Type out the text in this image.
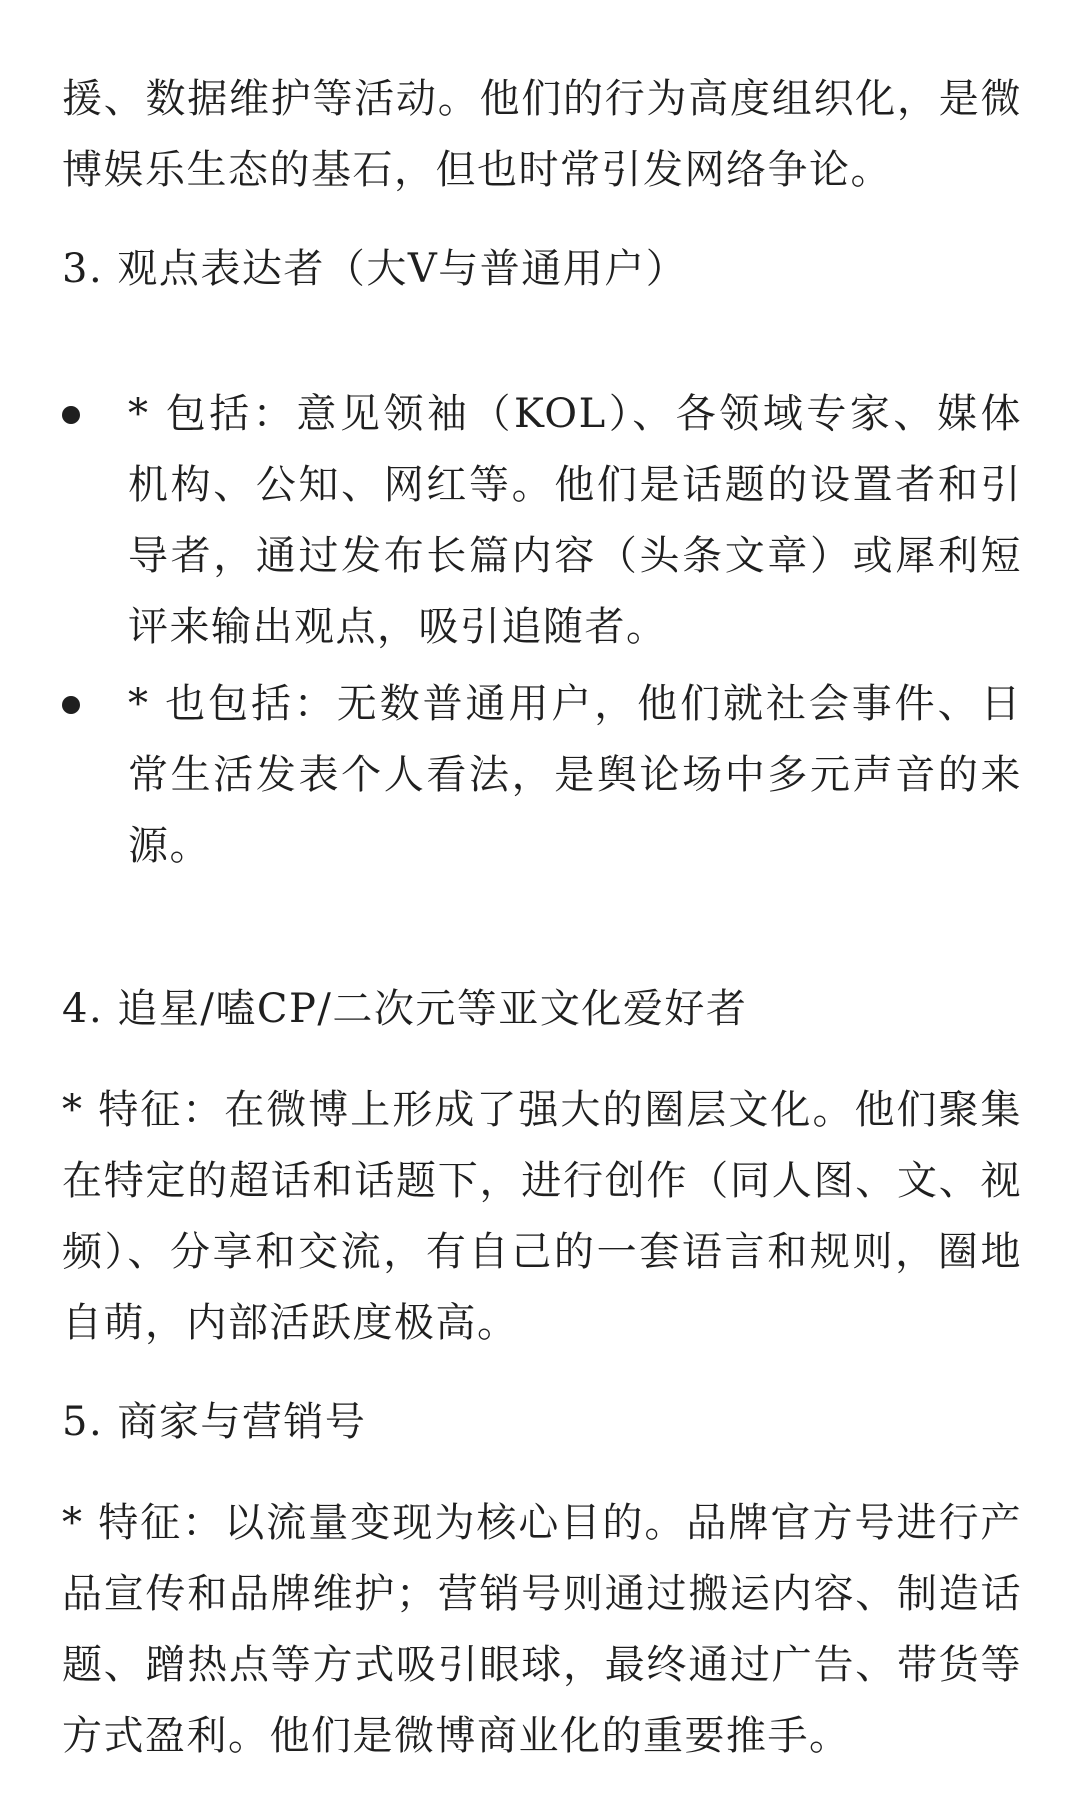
援、数据维护等活动。他们的行为高度组织化，是微博娱乐生态的基石，但也时常引发网络争论。

3. 观点表达者（大V与普通用户）

* 包括：意见领袖（KOL）、各领域专家、媒体机构、公知、网红等。他们是话题的设置者和引导者，通过发布长篇内容（头条文章）或犀利短评来输出观点，吸引追随者。
* 也包括：无数普通用户，他们就社会事件、日常生活发表个人看法，是舆论场中多元声音的来源。

4. 追星/嗑CP/二次元等亚文化爱好者

* 特征：在微博上形成了强大的圈层文化。他们聚集在特定的超话和话题下，进行创作（同人图、文、视频）、分享和交流，有自己的一套语言和规则，圈地自萌，内部活跃度极高。

5. 商家与营销号

* 特征：以流量变现为核心目的。品牌官方号进行产品宣传和品牌维护；营销号则通过搬运内容、制造话题、蹭热点等方式吸引眼球，最终通过广告、带货等方式盈利。他们是微博商业化的重要推手。
